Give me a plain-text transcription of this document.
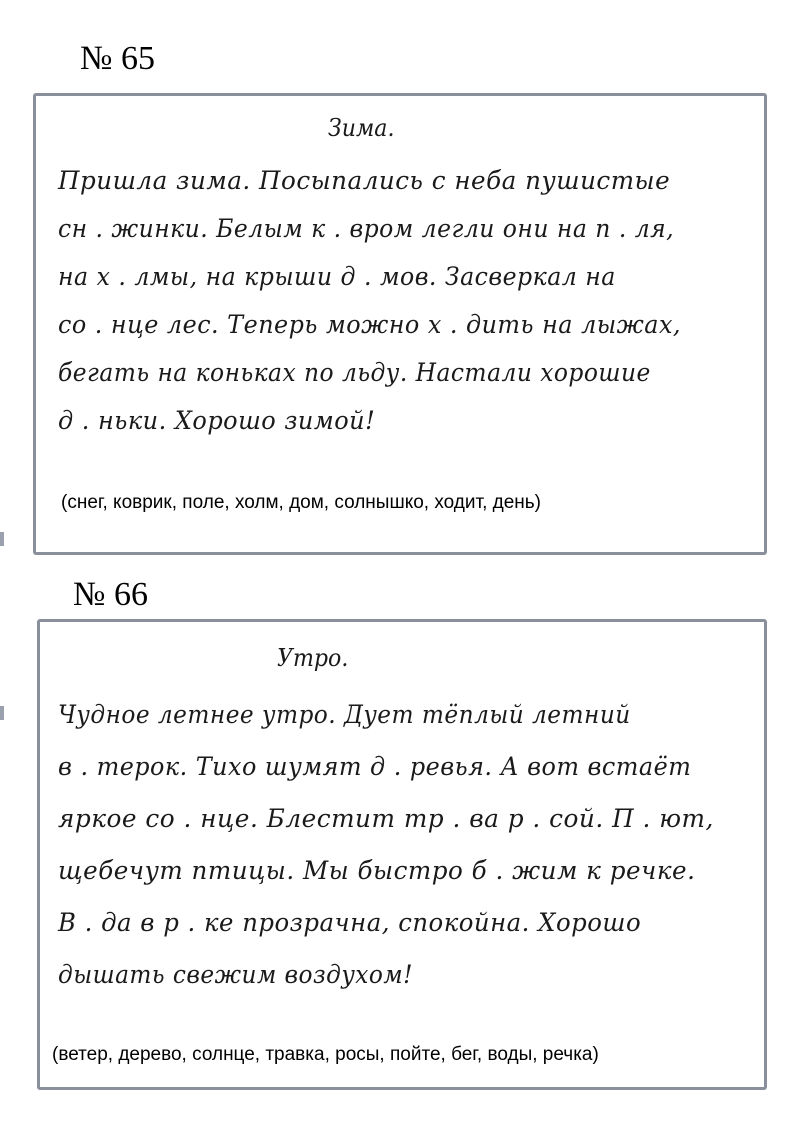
№ 65
Зима.
Пришла зима. Посыпались с неба пушистые
сн . жинки. Белым к . вром легли они на п . ля,
на х . лмы, на крыши д . мов. Засверкал на
со . нце лес. Теперь можно х . дить на лыжах,
бегать на коньках по льду. Настали хорошие
д . ньки. Хорошо зимой!
(снег, коврик, поле, холм, дом, солнышко, ходит, день)
№ 66
Утро.
Чудное летнее утро. Дует тёплый летний
в . терок. Тихо шумят д . ревья. А вот встаёт
яркое со . нце. Блестит тр . ва р . сой. П . ют,
щебечут птицы. Мы быстро б . жим к речке.
В . да в р . ке прозрачна, спокойна. Хорошо
дышать свежим воздухом!
(ветер, дерево, солнце, травка, росы, пойте, бег, воды, речка)
